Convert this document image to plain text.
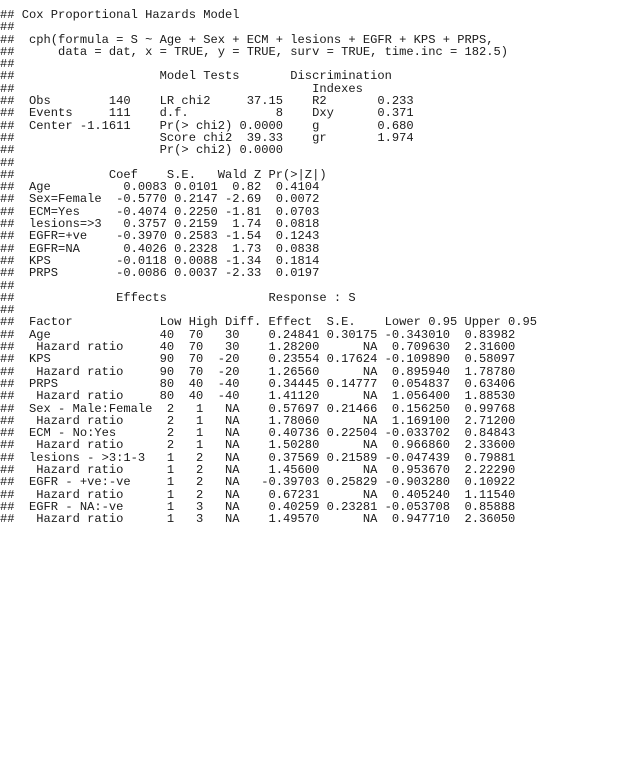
## Cox Proportional Hazards Model
##
##  cph(formula = S ~ Age + Sex + ECM + lesions + EGFR + KPS + PRPS,
##      data = dat, x = TRUE, y = TRUE, surv = TRUE, time.inc = 182.5)
##
##                    Model Tests       Discrimination
##                                         Indexes
##  Obs        140    LR chi2     37.15    R2       0.233
##  Events     111    d.f.            8    Dxy      0.371
##  Center -1.1611    Pr(> chi2) 0.0000    g        0.680
##                    Score chi2  39.33    gr       1.974
##                    Pr(> chi2) 0.0000
##
##             Coef    S.E.   Wald Z Pr(>|Z|)
##  Age          0.0083 0.0101  0.82  0.4104
##  Sex=Female  -0.5770 0.2147 -2.69  0.0072
##  ECM=Yes     -0.4074 0.2250 -1.81  0.0703
##  lesions=>3   0.3757 0.2159  1.74  0.0818
##  EGFR=+ve    -0.3970 0.2583 -1.54  0.1243
##  EGFR=NA      0.4026 0.2328  1.73  0.0838
##  KPS         -0.0118 0.0088 -1.34  0.1814
##  PRPS        -0.0086 0.0037 -2.33  0.0197
##
##              Effects              Response : S
##
##  Factor            Low High Diff. Effect  S.E.    Lower 0.95 Upper 0.95
##  Age               40  70   30    0.24841 0.30175 -0.343010  0.83982
##   Hazard ratio     40  70   30    1.28200      NA  0.709630  2.31600
##  KPS               90  70  -20    0.23554 0.17624 -0.109890  0.58097
##   Hazard ratio     90  70  -20    1.26560      NA  0.895940  1.78780
##  PRPS              80  40  -40    0.34445 0.14777  0.054837  0.63406
##   Hazard ratio     80  40  -40    1.41120      NA  1.056400  1.88530
##  Sex - Male:Female  2   1   NA    0.57697 0.21466  0.156250  0.99768
##   Hazard ratio      2   1   NA    1.78060      NA  1.169100  2.71200
##  ECM - No:Yes       2   1   NA    0.40736 0.22504 -0.033702  0.84843
##   Hazard ratio      2   1   NA    1.50280      NA  0.966860  2.33600
##  lesions - >3:1-3   1   2   NA    0.37569 0.21589 -0.047439  0.79881
##   Hazard ratio      1   2   NA    1.45600      NA  0.953670  2.22290
##  EGFR - +ve:-ve     1   2   NA   -0.39703 0.25829 -0.903280  0.10922
##   Hazard ratio      1   2   NA    0.67231      NA  0.405240  1.11540
##  EGFR - NA:-ve      1   3   NA    0.40259 0.23281 -0.053708  0.85888
##   Hazard ratio      1   3   NA    1.49570      NA  0.947710  2.36050
